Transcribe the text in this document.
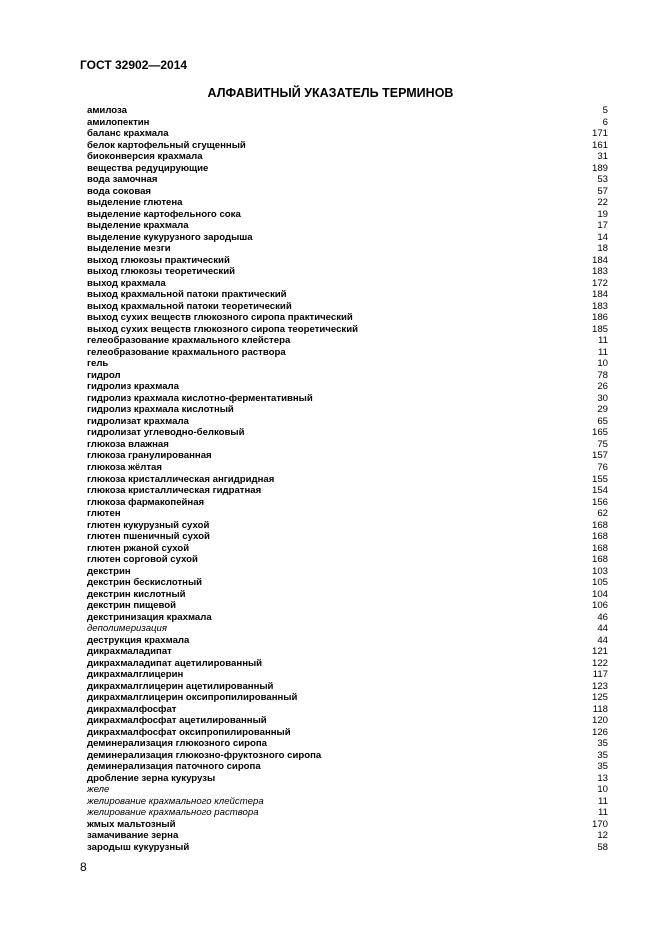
ГОСТ 32902—2014
АЛФАВИТНЫЙ УКАЗАТЕЛЬ ТЕРМИНОВ
амилоза	5
амилопектин	6
баланс крахмала	171
белок картофельный сгущенный	161
биоконверсия крахмала	31
вещества редуцирующие	189
вода замочная	53
вода соковая	57
выделение глютена	22
выделение картофельного сока	19
выделение крахмала	17
выделение кукурузного зародыша	14
выделение мезги	18
выход глюкозы практический	184
выход глюкозы теоретический	183
выход крахмала	172
выход крахмальной патоки практический	184
выход крахмальной патоки теоретический	183
выход сухих веществ глюкозного сиропа практический	186
выход сухих веществ глюкозного сиропа теоретический	185
гелеобразование крахмального клейстера	11
гелеобразование крахмального раствора	11
гель	10
гидрол	78
гидролиз крахмала	26
гидролиз крахмала кислотно-ферментативный	30
гидролиз крахмала кислотный	29
гидролизат крахмала	65
гидролизат углеводно-белковый	165
глюкоза влажная	75
глюкоза гранулированная	157
глюкоза жёлтая	76
глюкоза кристаллическая ангидридная	155
глюкоза кристаллическая гидратная	154
глюкоза фармакопейная	156
глютен	62
глютен кукурузный сухой	168
глютен пшеничный сухой	168
глютен ржаной сухой	168
глютен сорговой сухой	168
декстрин	103
декстрин бескислотный	105
декстрин кислотный	104
декстрин пищевой	106
декстринизация крахмала	46
деполимеризация	44
деструкция крахмала	44
дикрахмаладипат	121
дикрахмаладипат ацетилированный	122
дикрахмалглицерин	117
дикрахмалглицерин ацетилированный	123
дикрахмалглицерин оксипропилированный	125
дикрахмалфосфат	118
дикрахмалфосфат ацетилированный	120
дикрахмалфосфат оксипропилированный	126
деминерализация глюкозного сиропа	35
деминерализация глюкозно-фруктозного сиропа	35
деминерализация паточного сиропа	35
дробление зерна кукурузы	13
желе	10
желирование крахмального клейстера	11
желирование крахмального раствора	11
жмых мальтозный	170
замачивание зерна	12
зародыш кукурузный	58
8
